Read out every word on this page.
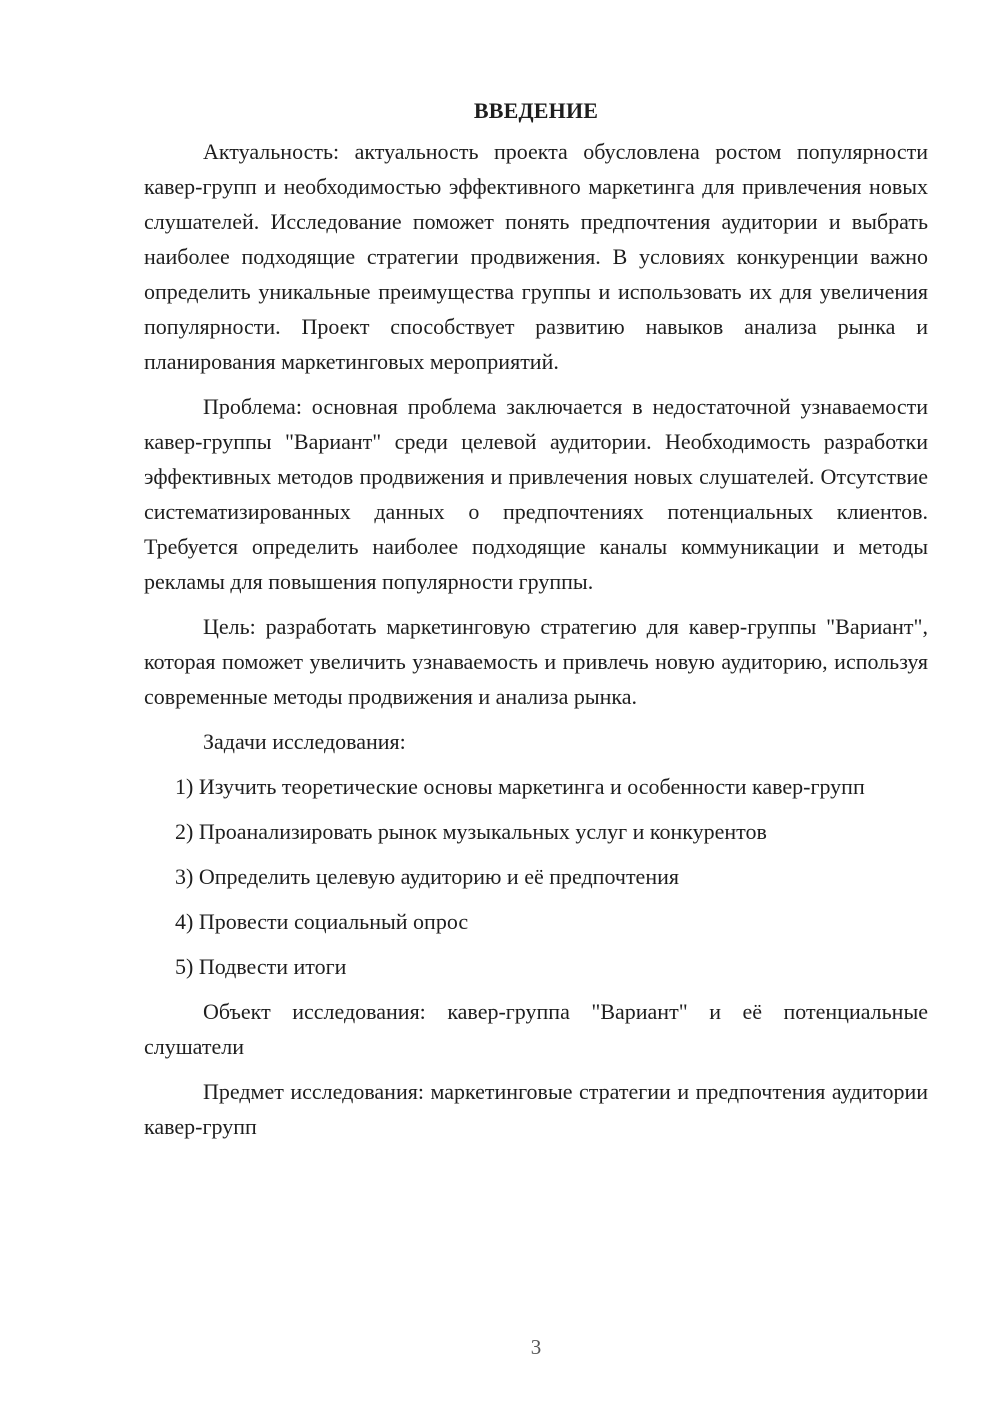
ВВЕДЕНИЕ

Актуальность: актуальность проекта обусловлена ростом популярности кавер-групп и необходимостью эффективного маркетинга для привлечения новых слушателей. Исследование поможет понять предпочтения аудитории и выбрать наиболее подходящие стратегии продвижения. В условиях конкуренции важно определить уникальные преимущества группы и использовать их для увеличения популярности. Проект способствует развитию навыков анализа рынка и планирования маркетинговых мероприятий.

Проблема: основная проблема заключается в недостаточной узнаваемости кавер-группы "Вариант" среди целевой аудитории. Необходимость разработки эффективных методов продвижения и привлечения новых слушателей. Отсутствие систематизированных данных о предпочтениях потенциальных клиентов. Требуется определить наиболее подходящие каналы коммуникации и методы рекламы для повышения популярности группы.

Цель: разработать маркетинговую стратегию для кавер-группы "Вариант", которая поможет увеличить узнаваемость и привлечь новую аудиторию, используя современные методы продвижения и анализа рынка.

Задачи исследования:

1) Изучить теоретические основы маркетинга и особенности кавер-групп

2) Проанализировать рынок музыкальных услуг и конкурентов

3) Определить целевую аудиторию и её предпочтения

4) Провести социальный опрос

5) Подвести итоги

Объект исследования: кавер-группа "Вариант" и её потенциальные слушатели

Предмет исследования: маркетинговые стратегии и предпочтения аудитории кавер-групп

3
